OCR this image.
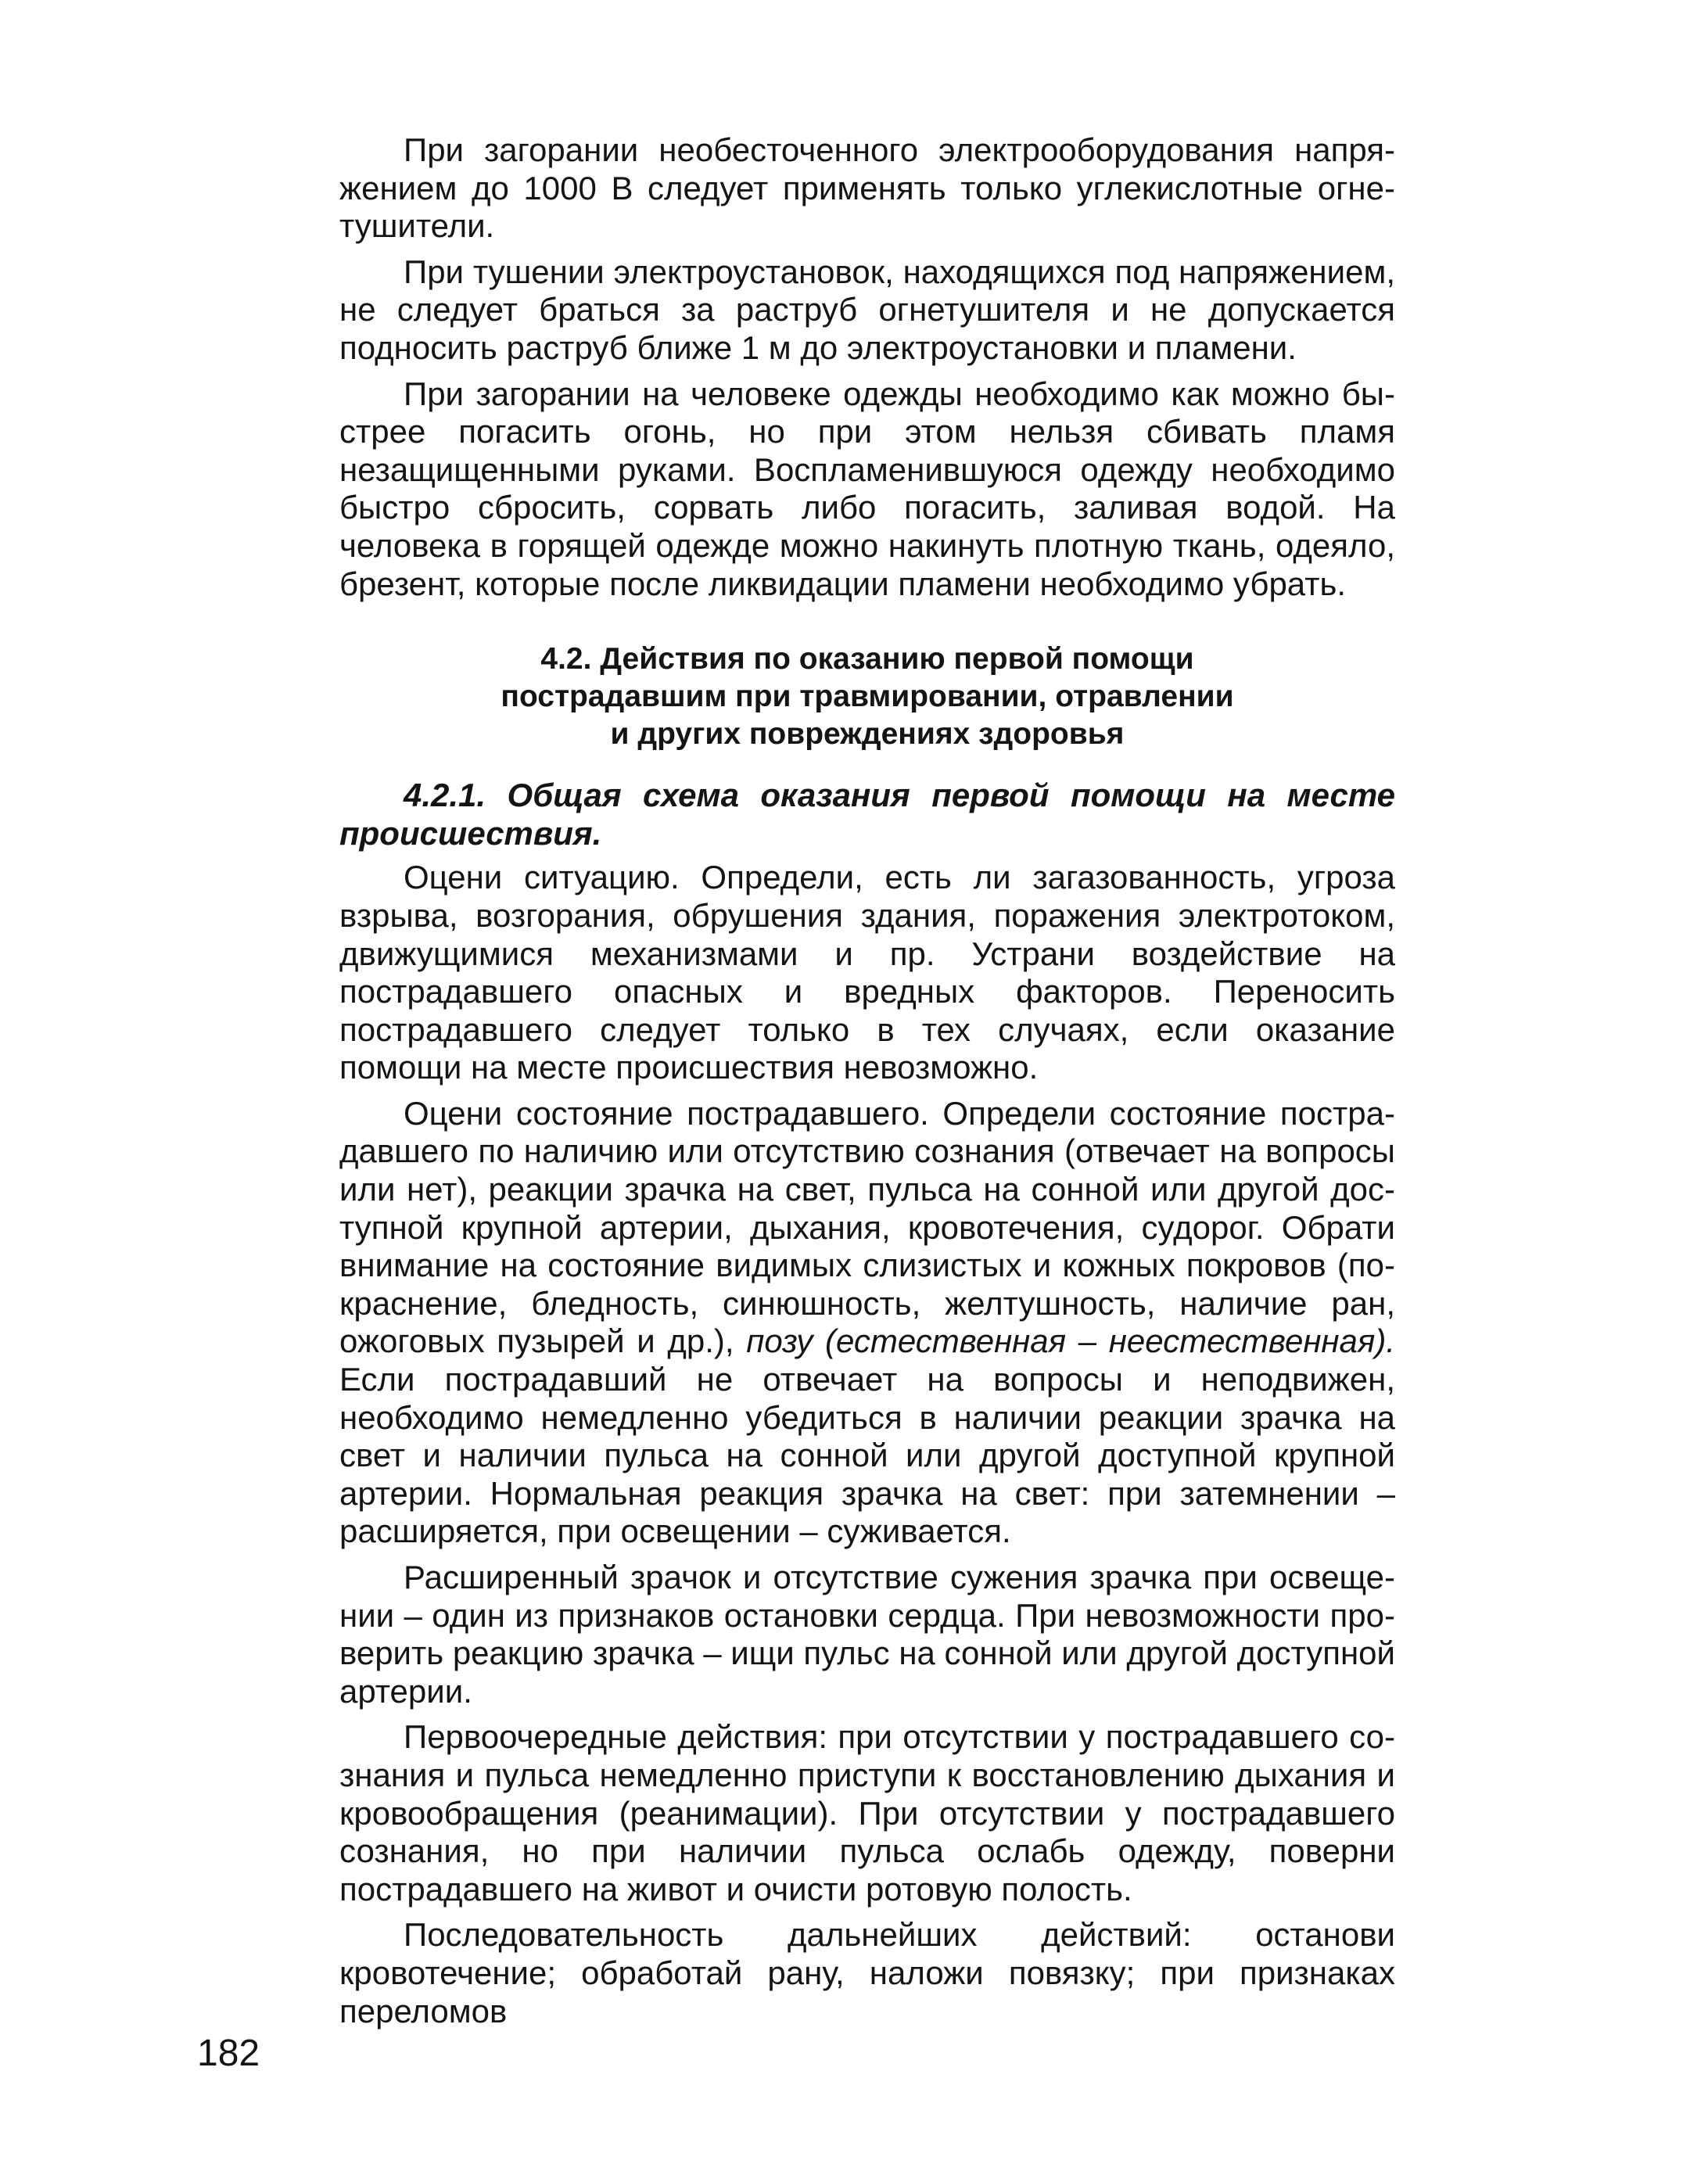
При загорании необесточенного электрооборудования напряжением до 1000 В следует применять только углекислотные огнетушители.

При тушении электроустановок, находящихся под напряжением, не следует браться за раструб огнетушителя и не допускается подносить раструб ближе 1 м до электроустановки и пламени.

При загорании на человеке одежды необходимо как можно быстрее погасить огонь, но при этом нельзя сбивать пламя незащищенными руками. Воспламенившуюся одежду необходимо быстро сбросить, сорвать либо погасить, заливая водой. На человека в горящей одежде можно накинуть плотную ткань, одеяло, брезент, которые после ликвидации пламени необходимо убрать.

4.2. Действия по оказанию первой помощи
пострадавшим при травмировании, отравлении
и других повреждениях здоровья

4.2.1. Общая схема оказания первой помощи на месте происшествия.

Оцени ситуацию. Определи, есть ли загазованность, угроза взрыва, возгорания, обрушения здания, поражения электротоком, движущимися механизмами и пр. Устрани воздействие на пострадавшего опасных и вредных факторов. Переносить пострадавшего следует только в тех случаях, если оказание помощи на месте происшествия невозможно.

Оцени состояние пострадавшего. Определи состояние пострадавшего по наличию или отсутствию сознания (отвечает на вопросы или нет), реакции зрачка на свет, пульса на сонной или другой доступной крупной артерии, дыхания, кровотечения, судорог. Обрати внимание на состояние видимых слизистых и кожных покровов (покраснение, бледность, синюшность, желтушность, наличие ран, ожоговых пузырей и др.), позу (естественная – неестественная). Если пострадавший не отвечает на вопросы и неподвижен, необходимо немедленно убедиться в наличии реакции зрачка на свет и наличии пульса на сонной или другой доступной крупной артерии. Нормальная реакция зрачка на свет: при затемнении – расширяется, при освещении – суживается.

Расширенный зрачок и отсутствие сужения зрачка при освещении – один из признаков остановки сердца. При невозможности проверить реакцию зрачка – ищи пульс на сонной или другой доступной артерии.

Первоочередные действия: при отсутствии у пострадавшего сознания и пульса немедленно приступи к восстановлению дыхания и кровообращения (реанимации). При отсутствии у пострадавшего сознания, но при наличии пульса ослабь одежду, поверни пострадавшего на живот и очисти ротовую полость.

Последовательность дальнейших действий: останови кровотечение; обработай рану, наложи повязку; при признаках переломов

182
